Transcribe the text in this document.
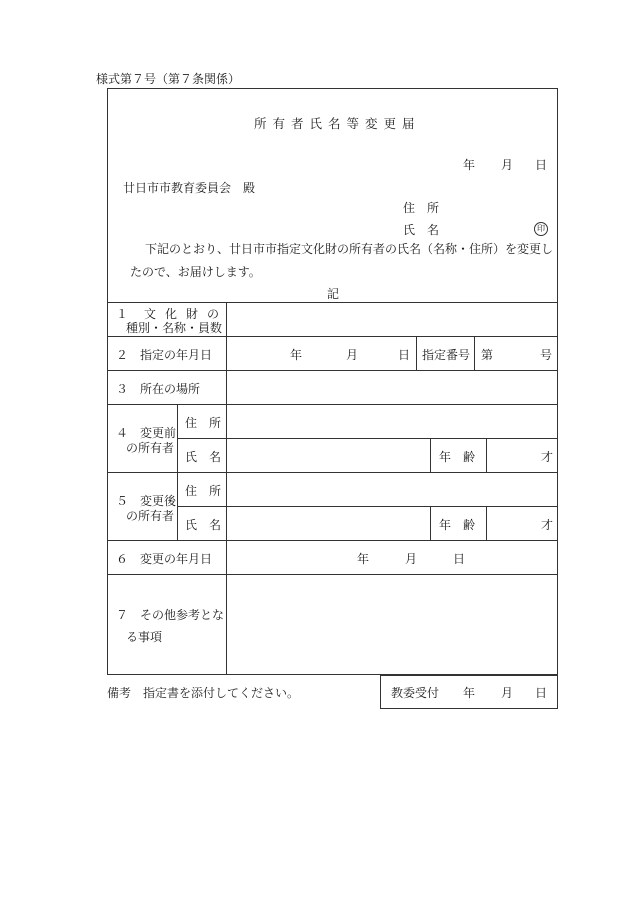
様式第７号（第７条関係）
所有者氏名等変更届
年 月 日
廿日市市教育委員会　殿
住　所
氏　名	印
下記のとおり、廿日市市指定文化財の所有者の氏名（名称・住所）を変更し
たので、お届けします。
記
１ 文化財の
種別・名称・員数
２　指定の年月日	年	月	日 指定番号 第	号
３　所在の場所
４　変更前
の所有者
住　所
氏　名	年　齢	才
５　変更後
の所有者
住　所
氏　名	年　齢	才
６　変更の年月日	年	月	日
７　その他参考とな
る事項
備考　指定書を添付してください。	教委受付 年 月 日
